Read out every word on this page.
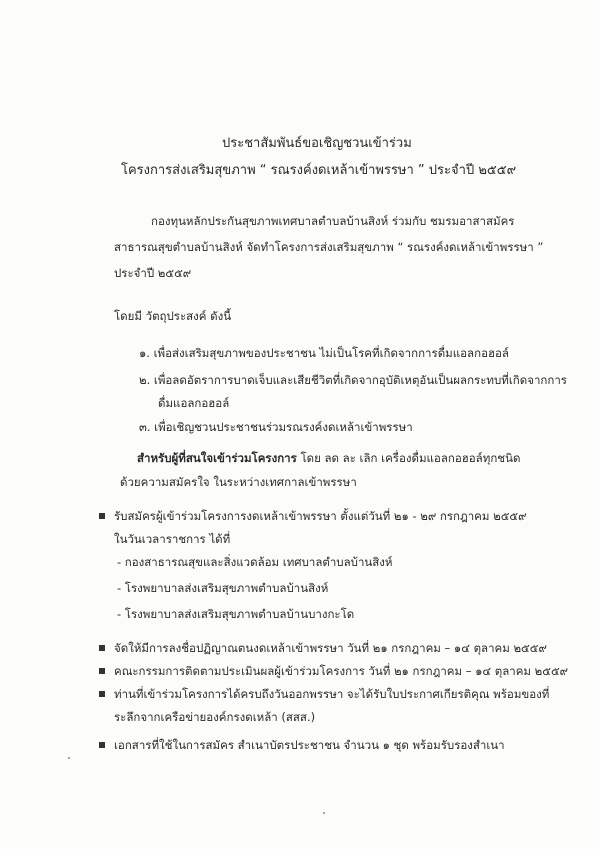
ประชาสัมพันธ์ขอเชิญชวนเข้าร่วม
โครงการส่งเสริมสุขภาพ “ รณรงค์งดเหล้าเข้าพรรษา ” ประจำปี ๒๕๕๙
กองทุนหลักประกันสุขภาพเทศบาลตำบลบ้านสิงห์ ร่วมกับ ชมรมอาสาสมัคร
สาธารณสุขตำบลบ้านสิงห์ จัดทำโครงการส่งเสริมสุขภาพ “ รณรงค์งดเหล้าเข้าพรรษา ”
ประจำปี ๒๕๕๙
โดยมี วัตถุประสงค์ ดังนี้
๑. เพื่อส่งเสริมสุขภาพของประชาชน ไม่เป็นโรคที่เกิดจากการดื่มแอลกอฮอล์
๒. เพื่อลดอัตราการบาดเจ็บและเสียชีวิตที่เกิดจากอุบัติเหตุอันเป็นผลกระทบที่เกิดจากการ
ดื่มแอลกอฮอล์
๓. เพื่อเชิญชวนประชาชนร่วมรณรงค์งดเหล้าเข้าพรรษา
สำหรับผู้ที่สนใจเข้าร่วมโครงการ โดย ลด ละ เลิก เครื่องดื่มแอลกอฮอล์ทุกชนิด
ด้วยความสมัครใจ ในระหว่างเทศกาลเข้าพรรษา
รับสมัครผู้เข้าร่วมโครงการงดเหล้าเข้าพรรษา ตั้งแต่วันที่ ๒๑ - ๒๙ กรกฎาคม ๒๕๕๙
ในวันเวลาราชการ ได้ที่
- กองสาธารณสุขและสิ่งแวดล้อม เทศบาลตำบลบ้านสิงห์
- โรงพยาบาลส่งเสริมสุขภาพตำบลบ้านสิงห์
- โรงพยาบาลส่งเสริมสุขภาพตำบลบ้านบางกะโด
จัดให้มีการลงชื่อปฏิญาณตนงดเหล้าเข้าพรรษา วันที่ ๒๑ กรกฎาคม – ๑๔ ตุลาคม ๒๕๕๙
คณะกรรมการติดตามประเมินผลผู้เข้าร่วมโครงการ วันที่ ๒๑ กรกฎาคม – ๑๔ ตุลาคม ๒๕๕๙
ท่านที่เข้าร่วมโครงการได้ครบถึงวันออกพรรษา จะได้รับใบประกาศเกียรติคุณ พร้อมของที่
ระลึกจากเครือข่ายองค์กรงดเหล้า (สสส.)
เอกสารที่ใช้ในการสมัคร สำเนาบัตรประชาชน จำนวน ๑ ชุด พร้อมรับรองสำเนา
